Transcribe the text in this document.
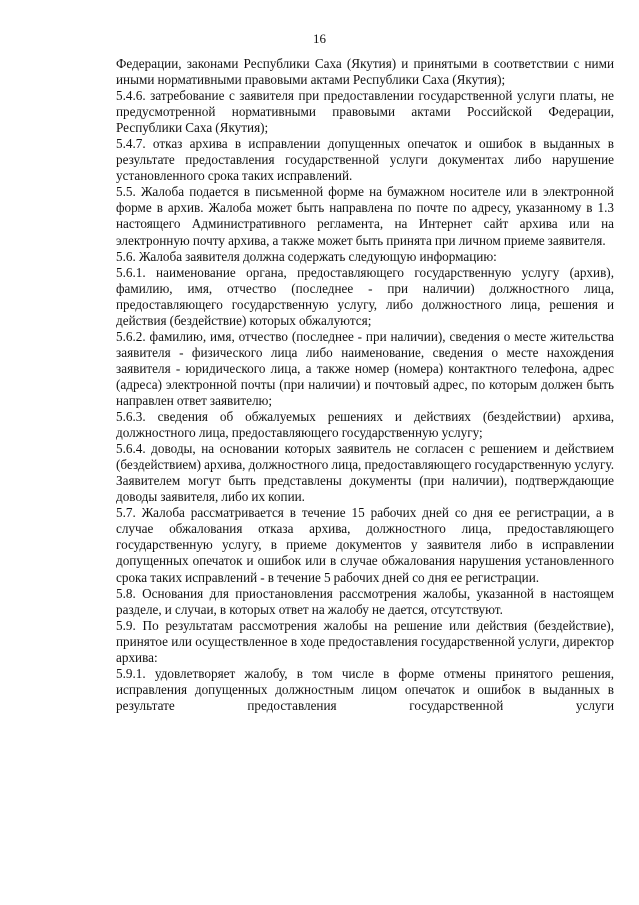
16

Федерации, законами Республики Саха (Якутия) и принятыми в соответствии с ними иными нормативными правовыми актами Республики Саха (Якутия);

5.4.6. затребование с заявителя при предоставлении государственной услуги платы, не предусмотренной нормативными правовыми актами Российской Федерации, Республики Саха (Якутия);

5.4.7. отказ архива в исправлении допущенных опечаток и ошибок в выданных в результате предоставления государственной услуги документах либо нарушение установленного срока таких исправлений.

5.5. Жалоба подается в письменной форме на бумажном носителе или в электронной форме в архив. Жалоба может быть направлена по почте по адресу, указанному в 1.3 настоящего Административного регламента, на Интернет сайт архива или на электронную почту архива, а также может быть принята при личном приеме заявителя.

5.6. Жалоба заявителя должна содержать следующую информацию:

5.6.1. наименование органа, предоставляющего государственную услугу (архив), фамилию, имя, отчество (последнее - при наличии) должностного лица, предоставляющего государственную услугу, либо должностного лица, решения и действия (бездействие) которых обжалуются;

5.6.2. фамилию, имя, отчество (последнее - при наличии), сведения о месте жительства заявителя - физического лица либо наименование, сведения о месте нахождения заявителя - юридического лица, а также номер (номера) контактного телефона, адрес (адреса) электронной почты (при наличии) и почтовый адрес, по которым должен быть направлен ответ заявителю;

5.6.3. сведения об обжалуемых решениях и действиях (бездействии) архива, должностного лица, предоставляющего государственную услугу;

5.6.4. доводы, на основании которых заявитель не согласен с решением и действием (бездействием) архива, должностного лица, предоставляющего государственную услугу. Заявителем могут быть представлены документы (при наличии), подтверждающие доводы заявителя, либо их копии.

5.7. Жалоба рассматривается в течение 15 рабочих дней со дня ее регистрации, а в случае обжалования отказа архива, должностного лица, предоставляющего государственную услугу, в приеме документов у заявителя либо в исправлении допущенных опечаток и ошибок или в случае обжалования нарушения установленного срока таких исправлений - в течение 5 рабочих дней со дня ее регистрации.

5.8. Основания для приостановления рассмотрения жалобы, указанной в настоящем разделе, и случаи, в которых ответ на жалобу не дается, отсутствуют.

5.9. По результатам рассмотрения жалобы на решение или действия (бездействие), принятое или осуществленное в ходе предоставления государственной услуги, директор архива:

5.9.1. удовлетворяет жалобу, в том числе в форме отмены принятого решения, исправления допущенных должностным лицом опечаток и ошибок в выданных в результате предоставления государственной услуги
